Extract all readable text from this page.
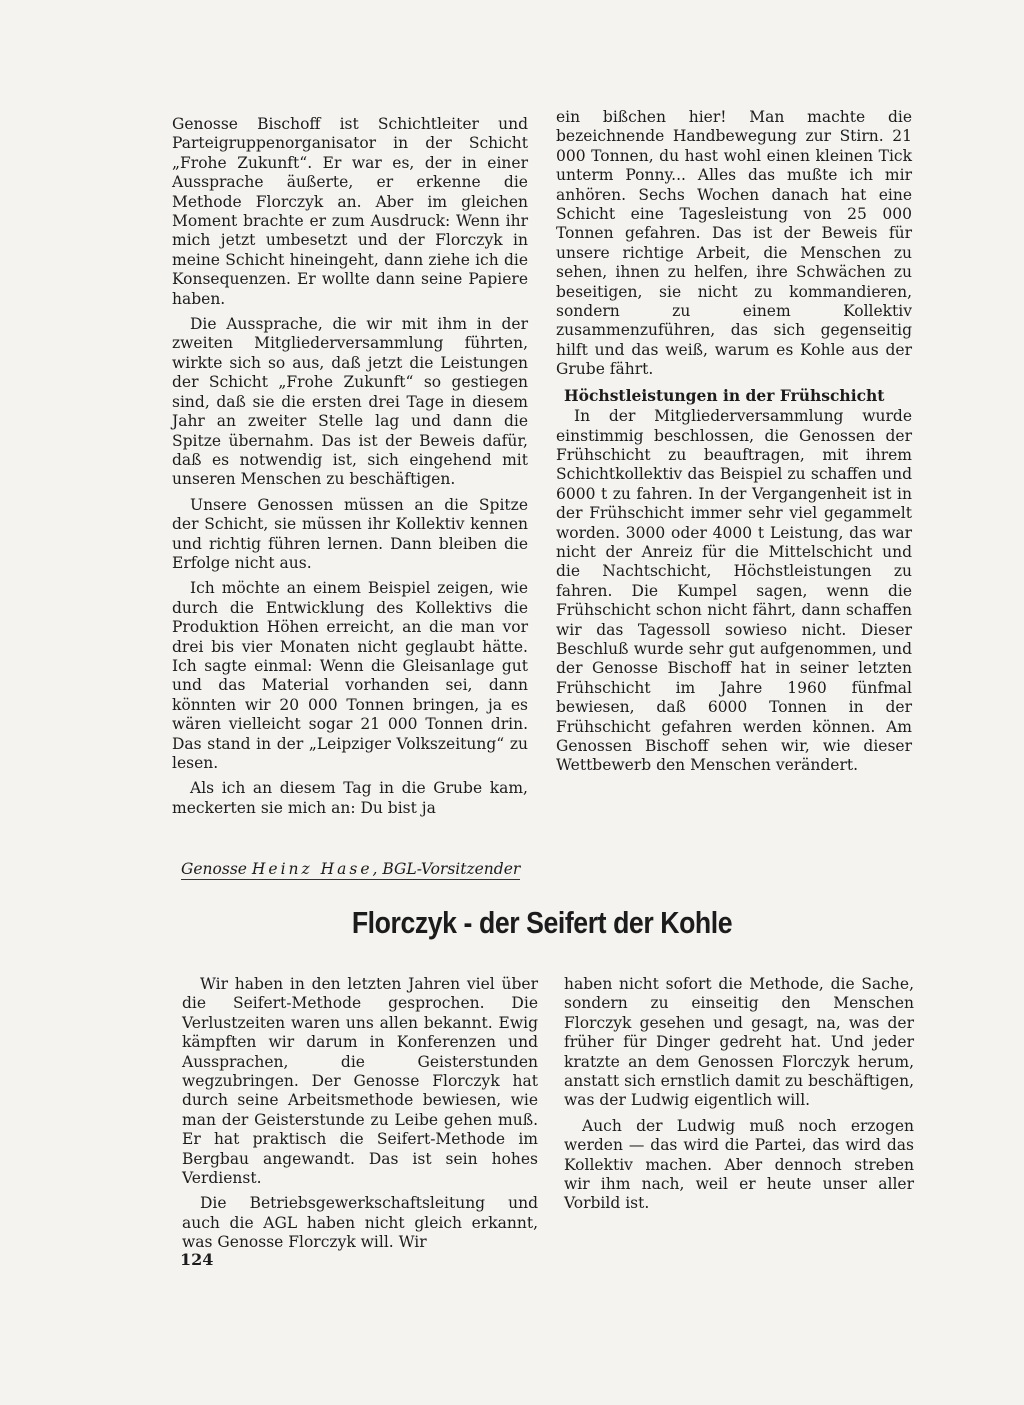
Genosse Bischoff ist Schichtleiter und Parteigruppenorganisator in der Schicht „Frohe Zukunft“. Er war es, der in einer Aussprache äußerte, er erkenne die Methode Florczyk an. Aber im gleichen Moment brachte er zum Ausdruck: Wenn ihr mich jetzt umbesetzt und der Florczyk in meine Schicht hineingeht, dann ziehe ich die Konsequenzen. Er wollte dann seine Papiere haben.

Die Aussprache, die wir mit ihm in der zweiten Mitgliederversammlung führten, wirkte sich so aus, daß jetzt die Leistungen der Schicht „Frohe Zukunft“ so gestiegen sind, daß sie die ersten drei Tage in diesem Jahr an zweiter Stelle lag und dann die Spitze übernahm. Das ist der Beweis dafür, daß es notwendig ist, sich eingehend mit unseren Menschen zu beschäftigen.

Unsere Genossen müssen an die Spitze der Schicht, sie müssen ihr Kollektiv kennen und richtig führen lernen. Dann bleiben die Erfolge nicht aus.

Ich möchte an einem Beispiel zeigen, wie durch die Entwicklung des Kollektivs die Produktion Höhen erreicht, an die man vor drei bis vier Monaten nicht geglaubt hätte. Ich sagte einmal: Wenn die Gleisanlage gut und das Material vorhanden sei, dann könnten wir 20 000 Tonnen bringen, ja es wären vielleicht sogar 21 000 Tonnen drin. Das stand in der „Leipziger Volkszeitung“ zu lesen.

Als ich an diesem Tag in die Grube kam, meckerten sie mich an: Du bist ja

ein bißchen hier! Man machte die bezeichnende Handbewegung zur Stirn. 21 000 Tonnen, du hast wohl einen kleinen Tick unterm Ponny... Alles das mußte ich mir anhören. Sechs Wochen danach hat eine Schicht eine Tagesleistung von 25 000 Tonnen gefahren. Das ist der Beweis für unsere richtige Arbeit, die Menschen zu sehen, ihnen zu helfen, ihre Schwächen zu beseitigen, sie nicht zu kommandieren, sondern zu einem Kollektiv zusammenzuführen, das sich gegenseitig hilft und das weiß, warum es Kohle aus der Grube fährt.

Höchstleistungen in der Frühschicht

In der Mitgliederversammlung wurde einstimmig beschlossen, die Genossen der Frühschicht zu beauftragen, mit ihrem Schichtkollektiv das Beispiel zu schaffen und 6000 t zu fahren. In der Vergangenheit ist in der Frühschicht immer sehr viel gegammelt worden. 3000 oder 4000 t Leistung, das war nicht der Anreiz für die Mittelschicht und die Nachtschicht, Höchstleistungen zu fahren. Die Kumpel sagen, wenn die Frühschicht schon nicht fährt, dann schaffen wir das Tagessoll sowieso nicht. Dieser Beschluß wurde sehr gut aufgenommen, und der Genosse Bischoff hat in seiner letzten Frühschicht im Jahre 1960 fünfmal bewiesen, daß 6000 Tonnen in der Frühschicht gefahren werden können. Am Genossen Bischoff sehen wir, wie dieser Wettbewerb den Menschen verändert.

Genosse Heinz Hase, BGL-Vorsitzender
Florczyk - der Seifert der Kohle

Wir haben in den letzten Jahren viel über die Seifert-Methode gesprochen. Die Verlustzeiten waren uns allen bekannt. Ewig kämpften wir darum in Konferenzen und Aussprachen, die Geisterstunden wegzubringen. Der Genosse Florczyk hat durch seine Arbeitsmethode bewiesen, wie man der Geisterstunde zu Leibe gehen muß. Er hat praktisch die Seifert-Methode im Bergbau angewandt. Das ist sein hohes Verdienst.

Die Betriebsgewerkschaftsleitung und auch die AGL haben nicht gleich erkannt, was Genosse Florczyk will. Wir

haben nicht sofort die Methode, die Sache, sondern zu einseitig den Menschen Florczyk gesehen und gesagt, na, was der früher für Dinger gedreht hat. Und jeder kratzte an dem Genossen Florczyk herum, anstatt sich ernstlich damit zu beschäftigen, was der Ludwig eigentlich will.

Auch der Ludwig muß noch erzogen werden — das wird die Partei, das wird das Kollektiv machen. Aber dennoch streben wir ihm nach, weil er heute unser aller Vorbild ist.

124
